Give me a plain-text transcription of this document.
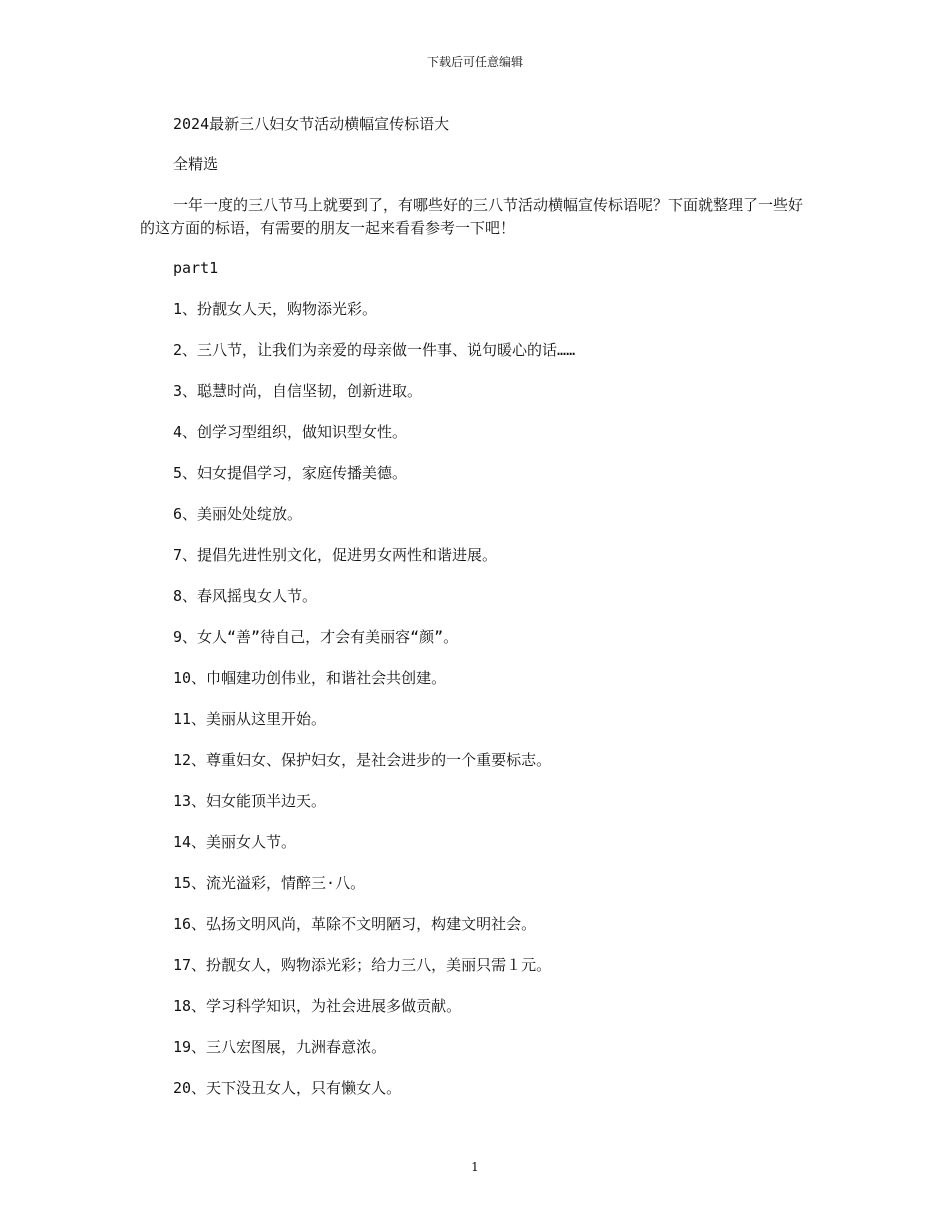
下载后可任意编辑

2024最新三八妇女节活动横幅宣传标语大

全精选

一年一度的三八节马上就要到了，有哪些好的三八节活动横幅宣传标语呢？下面就整理了一些好的这方面的标语，有需要的朋友一起来看看参考一下吧！

part1

1、扮靓女人天，购物添光彩。
2、三八节，让我们为亲爱的母亲做一件事、说句暖心的话……
3、聪慧时尚，自信坚韧，创新进取。
4、创学习型组织，做知识型女性。
5、妇女提倡学习，家庭传播美德。
6、美丽处处绽放。
7、提倡先进性别文化，促进男女两性和谐进展。
8、春风摇曳女人节。
9、女人“善”待自己，才会有美丽容“颜”。
10、巾帼建功创伟业，和谐社会共创建。
11、美丽从这里开始。
12、尊重妇女、保护妇女，是社会进步的一个重要标志。
13、妇女能顶半边天。
14、美丽女人节。
15、流光溢彩，情醉三·八。
16、弘扬文明风尚，革除不文明陋习，构建文明社会。
17、扮靓女人，购物添光彩；给力三八，美丽只需１元。
18、学习科学知识，为社会进展多做贡献。
19、三八宏图展，九洲春意浓。
20、天下没丑女人，只有懒女人。
1
